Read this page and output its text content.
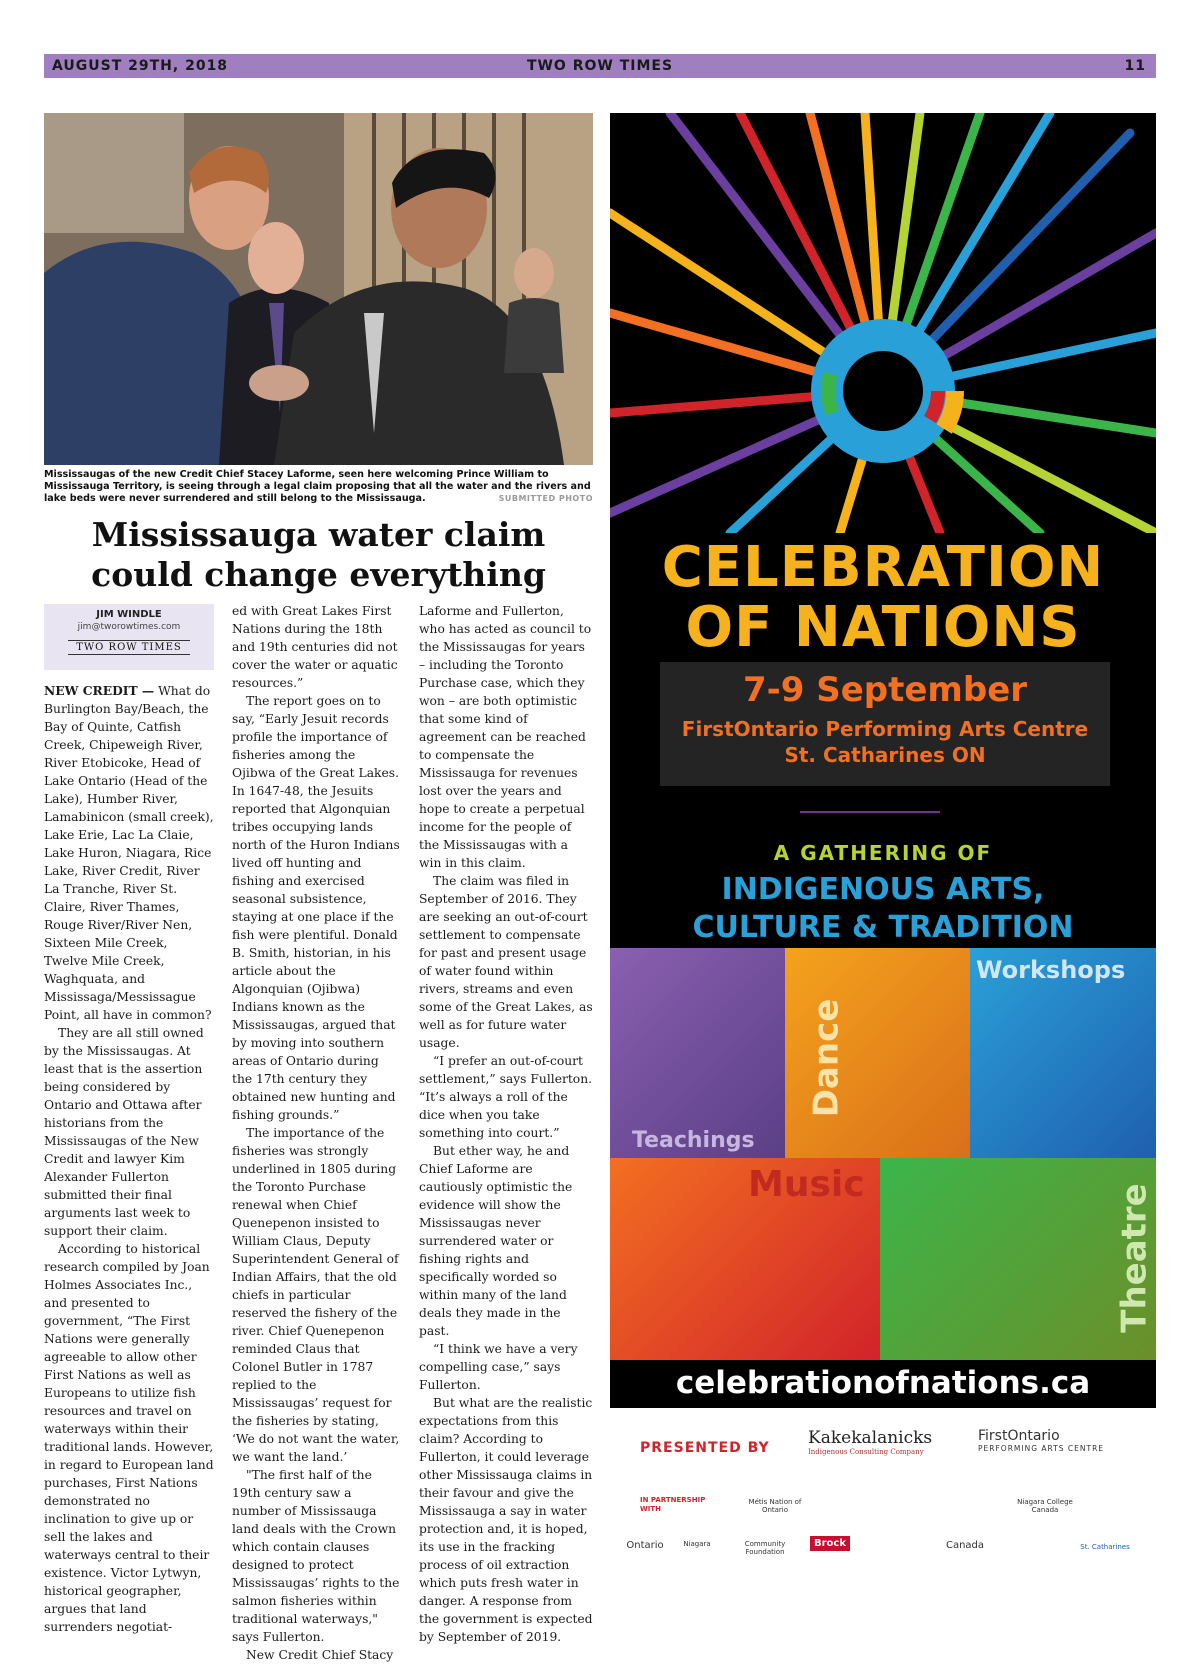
AUGUST 29TH, 2018	TWO ROW TIMES	11
Mississaugas of the new Credit Chief Stacey Laforme, seen here welcoming Prince William to Mississauga Territory, is seeing through a legal claim proposing that all the water and the rivers and lake beds were never surrendered and still belong to the Mississauga.	SUBMITTED PHOTO
Mississauga water claim could change everything
JIM WINDLE
jim@tworowtimes.com
TWO ROW TIMES

NEW CREDIT — What do Burlington Bay/Beach, the Bay of Quinte, Catfish Creek, Chipeweigh River, River Etobicoke, Head of Lake Ontario (Head of the Lake), Humber River, Lamabinicon (small creek), Lake Erie, Lac La Claie, Lake Huron, Niagara, Rice Lake, River Credit, River La Tranche, River St. Claire, River Thames, Rouge River/River Nen, Sixteen Mile Creek, Twelve Mile Creek, Waghquata, and Mississaga/Messissague Point, all have in common?

They are all still owned by the Mississaugas. At least that is the assertion being considered by Ontario and Ottawa after historians from the Mississaugas of the New Credit and lawyer Kim Alexander Fullerton submitted their final arguments last week to support their claim.

According to historical research compiled by Joan Holmes Associates Inc., and presented to government, “The First Nations were generally agreeable to allow other First Nations as well as Europeans to utilize fish resources and travel on waterways within their traditional lands. However, in regard to European land purchases, First Nations demonstrated no inclination to give up or sell the lakes and waterways central to their existence. Victor Lytwyn, historical geographer, argues that land surrenders negotiat-

ed with Great Lakes First Nations during the 18th and 19th centuries did not cover the water or aquatic resources.”

The report goes on to say, “Early Jesuit records profile the importance of fisheries among the Ojibwa of the Great Lakes. In 1647-48, the Jesuits reported that Algonquian tribes occupying lands north of the Huron Indians lived off hunting and fishing and exercised seasonal subsistence, staying at one place if the fish were plentiful. Donald B. Smith, historian, in his article about the Algonquian (Ojibwa) Indians known as the Mississaugas, argued that by moving into southern areas of Ontario during the 17th century they obtained new hunting and fishing grounds.”

The importance of the fisheries was strongly underlined in 1805 during the Toronto Purchase renewal when Chief Quenepenon insisted to William Claus, Deputy Superintendent General of Indian Affairs, that the old chiefs in particular reserved the fishery of the river. Chief Quenepenon reminded Claus that Colonel Butler in 1787 replied to the Mississaugas’ request for the fisheries by stating, ‘We do not want the water, we want the land.’

"The first half of the 19th century saw a number of Mississauga land deals with the Crown which contain clauses designed to protect Mississaugas’ rights to the salmon fisheries within traditional waterways," says Fullerton.

New Credit Chief Stacy

Laforme and Fullerton, who has acted as council to the Mississaugas for years – including the Toronto Purchase case, which they won – are both optimistic that some kind of agreement can be reached to compensate the Mississauga for revenues lost over the years and hope to create a perpetual income for the people of the Mississaugas with a win in this claim.

The claim was filed in September of 2016. They are seeking an out-of-court settlement to compensate for past and present usage of water found within rivers, streams and even some of the Great Lakes, as well as for future water usage.

“I prefer an out-of-court settlement,” says Fullerton. “It’s always a roll of the dice when you take something into court.”

But ether way, he and Chief Laforme are cautiously optimistic the evidence will show the Mississaugas never surrendered water or fishing rights and specifically worded so within many of the land deals they made in the past.

“I think we have a very compelling case,” says Fullerton.

But what are the realistic expectations from this claim? According to Fullerton, it could leverage other Mississauga claims in their favour and give the Mississauga a say in water protection and, it is hoped, its use in the fracking process of oil extraction which puts fresh water in danger. A response from the government is expected by September of 2019.

CELEBRATION
OF NATIONS
7-9 September
FirstOntario Performing Arts Centre
St. Catharines ON
A GATHERING OF
INDIGENOUS ARTS,
CULTURE & TRADITION
Teachings
Dance
Workshops
Music	Theatre
celebrationofnations.ca
PRESENTED BY Kakekalanicks
Indigenous Consulting Company
FirstOntario
PERFORMING ARTS CENTRE
IN PARTNERSHIP WITH
Métis Nation of Ontario
Niagara College Canada
Ontario	Niagara	Community Foundation
Brock	Canada	St. Catharines
